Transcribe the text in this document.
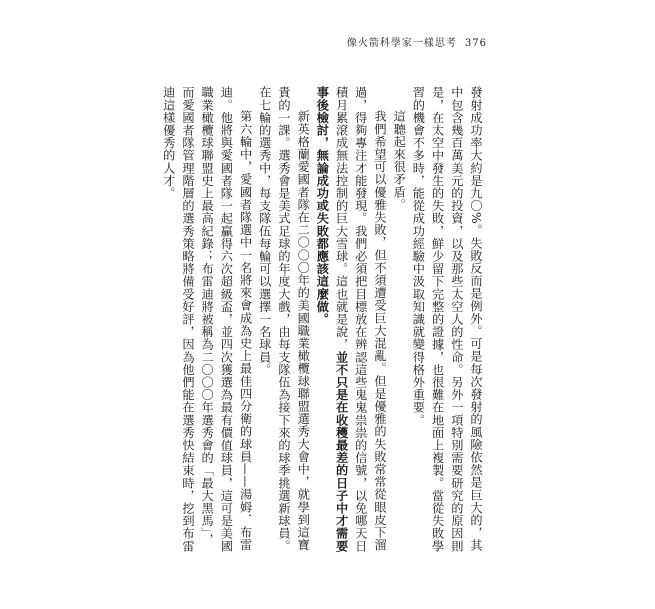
像火箭科學家一樣思考 376

發射成功率大約是九〇%。失敗反而是例外。可是每次發射的風險依然是巨大的，其中包含幾百萬美元的投資，以及那些太空人的性命。另外一項特別需要研究的原因則是，在太空中發生的失敗，鮮少留下完整的證據，也很難在地面上複製。當從失敗學習的機會不多時，能從成功經驗中汲取知識就變得格外重要。

這聽起來很矛盾。

我們希望可以優雅失敗，但不須遭受巨大混亂。但是優雅的失敗常常從眼皮下溜過，得夠專注才能發現。我們必須把目標放在辨認這些鬼鬼祟祟的信號，以免哪天日積月累滾成無法控制的巨大雪球。這也就是說，並不只是在收穫最差的日子中才需要事後檢討，無論成功或失敗都應該這麼做。

新英格蘭愛國者隊在二〇〇〇年的美國職業橄欖球聯盟選秀大會中，就學到這寶貴的一課。選秀會是美式足球的年度大戲，由每支隊伍為接下來的球季挑選新球員。在七輪的選秀中，每支隊伍每輪可以選擇一名球員。

第六輪中，愛國者隊選中一名將來會成為史上最佳四分衛的球員——湯姆．布雷迪。他將與愛國者隊一起贏得六次超級盃，並四次獲選為最有價值球員，這可是美國職業橄欖球聯盟史上最高紀錄；布雷迪將被稱為二〇〇〇年選秀會的「最大黑馬」，而愛國者隊管理階層的選秀策略將備受好評，因為他們能在選秀快結束時，挖到布雷迪這樣優秀的人才。
